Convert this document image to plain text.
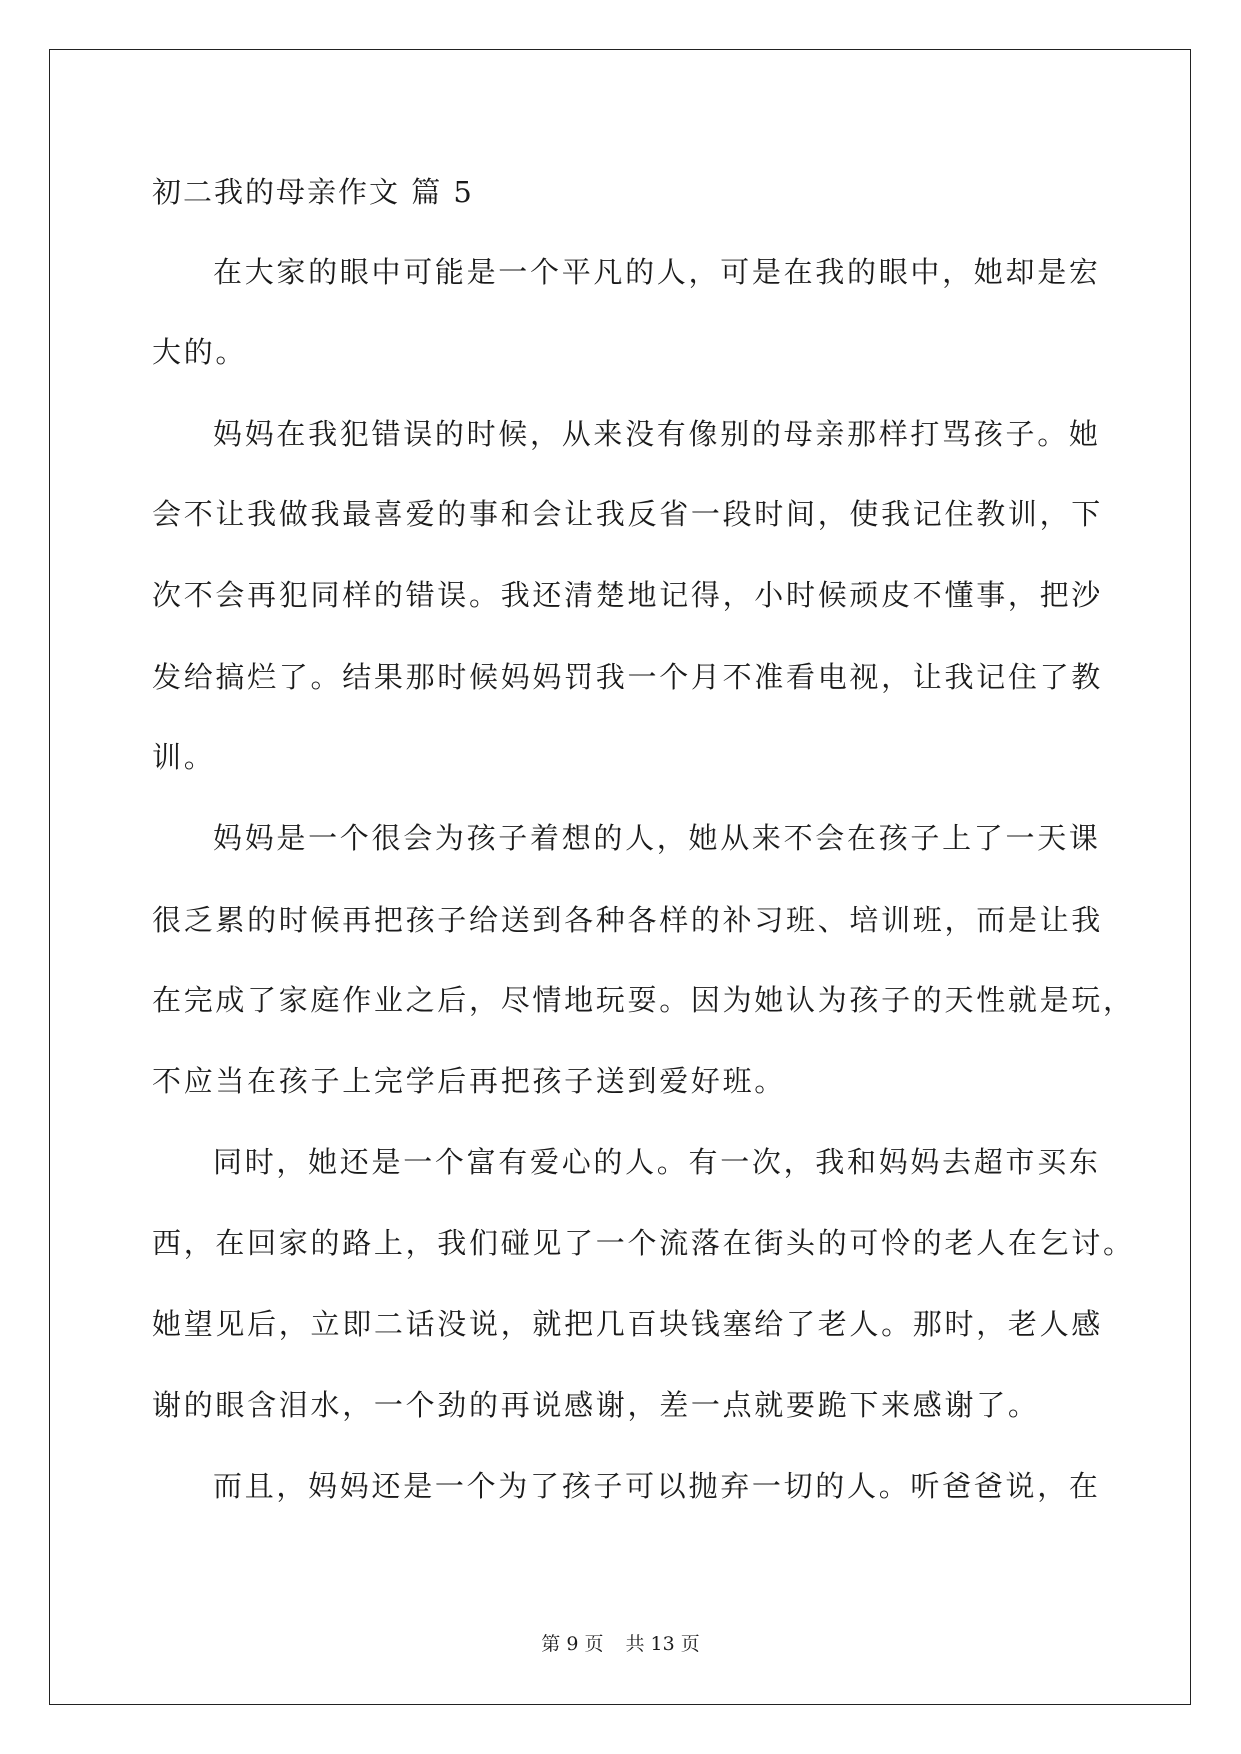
初二我的母亲作文 篇 5
在大家的眼中可能是一个平凡的人，可是在我的眼中，她却是宏
大的。
妈妈在我犯错误的时候，从来没有像别的母亲那样打骂孩子。她
会不让我做我最喜爱的事和会让我反省一段时间，使我记住教训，下
次不会再犯同样的错误。我还清楚地记得，小时候顽皮不懂事，把沙
发给搞烂了。结果那时候妈妈罚我一个月不准看电视，让我记住了教
训。
妈妈是一个很会为孩子着想的人，她从来不会在孩子上了一天课
很乏累的时候再把孩子给送到各种各样的补习班、培训班，而是让我
在完成了家庭作业之后，尽情地玩耍。因为她认为孩子的天性就是玩，
不应当在孩子上完学后再把孩子送到爱好班。
同时，她还是一个富有爱心的人。有一次，我和妈妈去超市买东
西，在回家的路上，我们碰见了一个流落在街头的可怜的老人在乞讨。
她望见后，立即二话没说，就把几百块钱塞给了老人。那时，老人感
谢的眼含泪水，一个劲的再说感谢，差一点就要跪下来感谢了。
而且，妈妈还是一个为了孩子可以抛弃一切的人。听爸爸说，在
第 9 页 共 13 页
